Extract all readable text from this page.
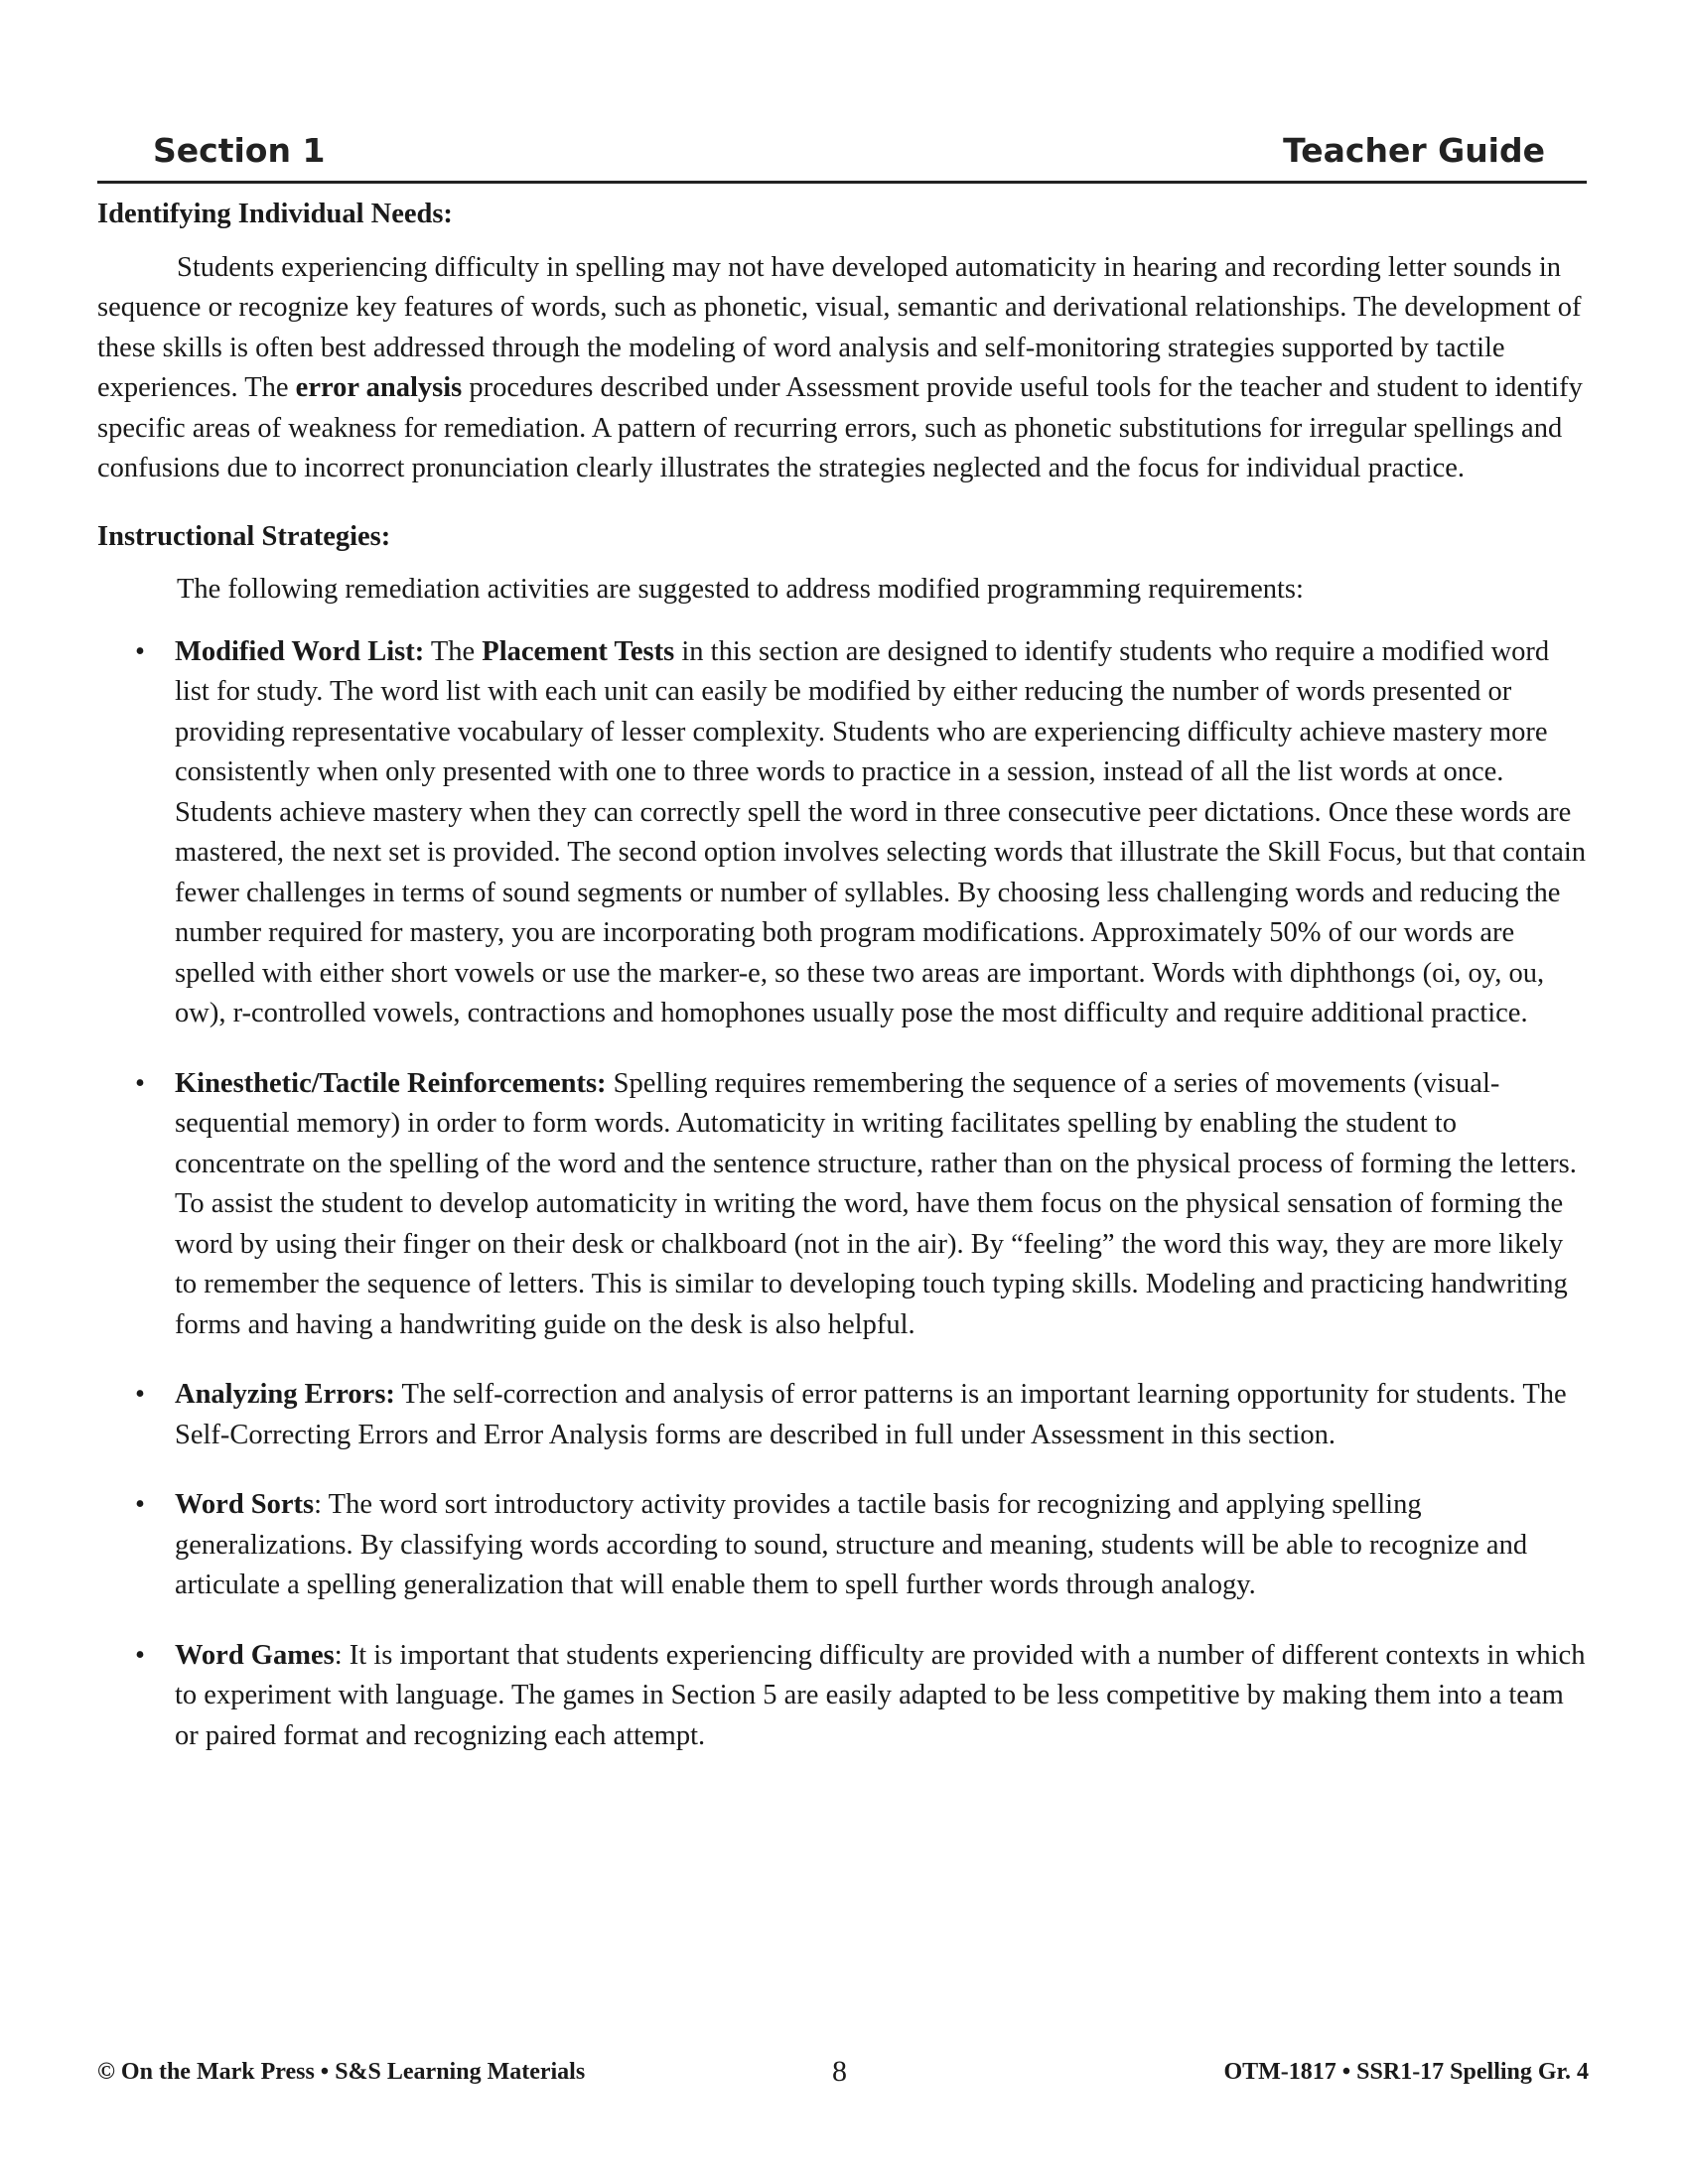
Section 1	Teacher Guide

Identifying Individual Needs:

Students experiencing difficulty in spelling may not have developed automaticity in hearing and recording letter sounds in sequence or recognize key features of words, such as phonetic, visual, semantic and derivational relationships. The development of these skills is often best addressed through the modeling of word analysis and self-monitoring strategies supported by tactile experiences. The error analysis procedures described under Assessment provide useful tools for the teacher and student to identify specific areas of weakness for remediation. A pattern of recurring errors, such as phonetic substitutions for irregular spellings and confusions due to incorrect pronunciation clearly illustrates the strategies neglected and the focus for individual practice.

Instructional Strategies:

The following remediation activities are suggested to address modified programming requirements:

• Modified Word List: The Placement Tests in this section are designed to identify students who require a modified word list for study. The word list with each unit can easily be modified by either reducing the number of words presented or providing representative vocabulary of lesser complexity. Students who are experiencing difficulty achieve mastery more consistently when only presented with one to three words to practice in a session, instead of all the list words at once. Students achieve mastery when they can correctly spell the word in three consecutive peer dictations. Once these words are mastered, the next set is provided. The second option involves selecting words that illustrate the Skill Focus, but that contain fewer challenges in terms of sound segments or number of syllables. By choosing less challenging words and reducing the number required for mastery, you are incorporating both program modifications. Approximately 50% of our words are spelled with either short vowels or use the marker-e, so these two areas are important. Words with diphthongs (oi, oy, ou, ow), r-controlled vowels, contractions and homophones usually pose the most difficulty and require additional practice.
• Kinesthetic/Tactile Reinforcements: Spelling requires remembering the sequence of a series of movements (visual-sequential memory) in order to form words. Automaticity in writing facilitates spelling by enabling the student to concentrate on the spelling of the word and the sentence structure, rather than on the physical process of forming the letters. To assist the student to develop automaticity in writing the word, have them focus on the physical sensation of forming the word by using their finger on their desk or chalkboard (not in the air). By “feeling” the word this way, they are more likely to remember the sequence of letters. This is similar to developing touch typing skills. Modeling and practicing handwriting forms and having a handwriting guide on the desk is also helpful.
• Analyzing Errors: The self-correction and analysis of error patterns is an important learning opportunity for students. The Self-Correcting Errors and Error Analysis forms are described in full under Assessment in this section.
• Word Sorts: The word sort introductory activity provides a tactile basis for recognizing and applying spelling generalizations. By classifying words according to sound, structure and meaning, students will be able to recognize and articulate a spelling generalization that will enable them to spell further words through analogy.
• Word Games: It is important that students experiencing difficulty are provided with a number of different contexts in which to experiment with language. The games in Section 5 are easily adapted to be less competitive by making them into a team or paired format and recognizing each attempt.
© On the Mark Press • S&S Learning Materials	8	OTM-1817 • SSR1-17 Spelling Gr. 4
